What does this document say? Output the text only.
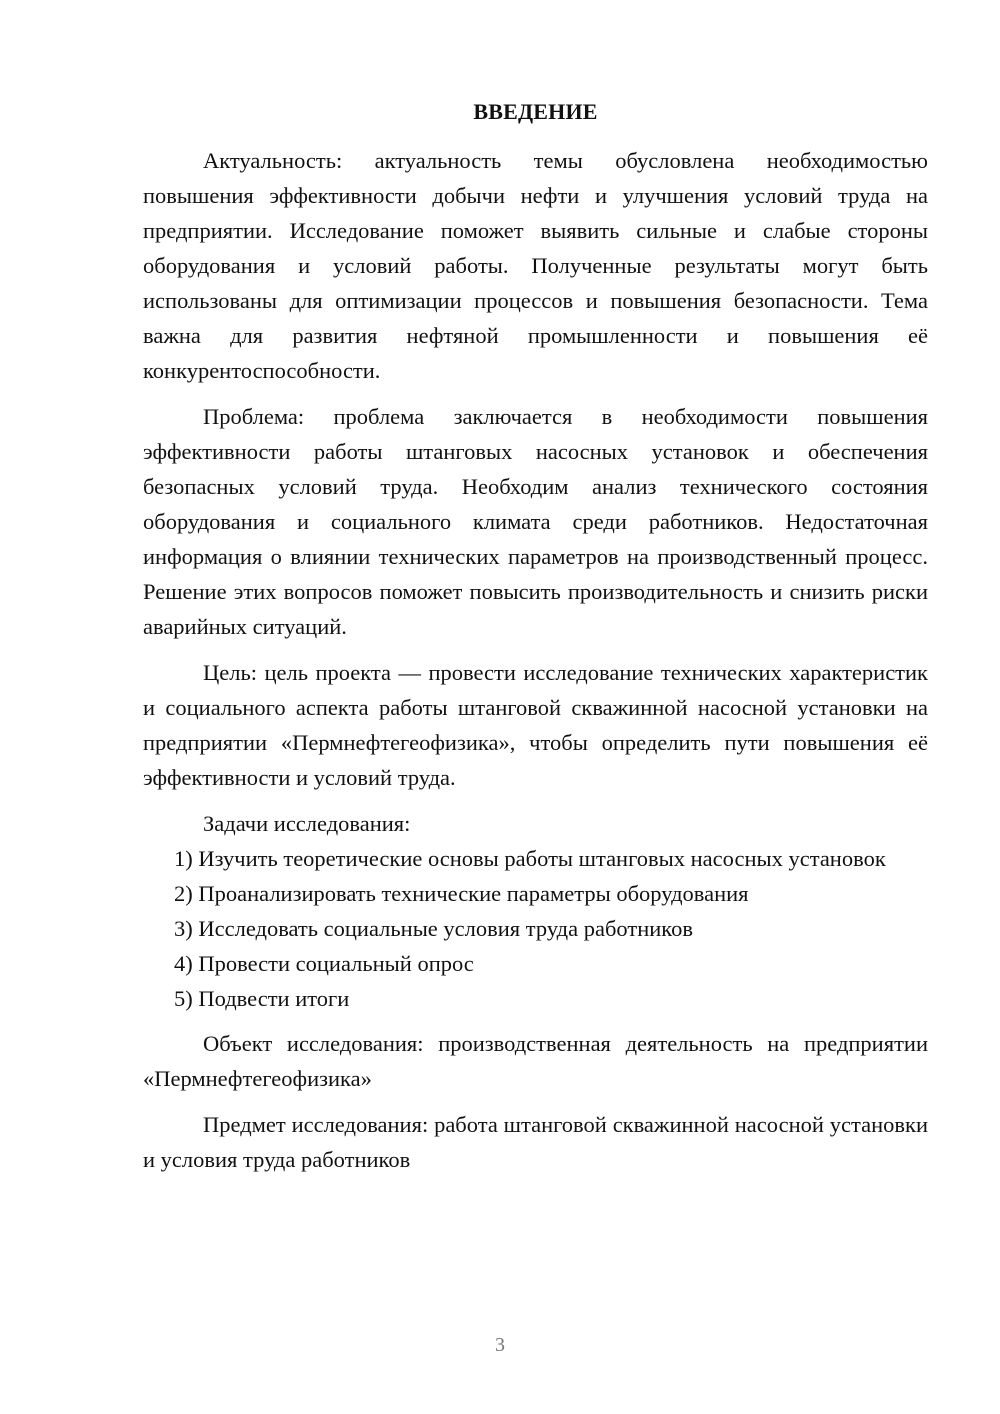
ВВЕДЕНИЕ

Актуальность: актуальность темы обусловлена необходимостью повышения эффективности добычи нефти и улучшения условий труда на предприятии. Исследование поможет выявить сильные и слабые стороны оборудования и условий работы. Полученные результаты могут быть использованы для оптимизации процессов и повышения безопасности. Тема важна для развития нефтяной промышленности и повышения её конкурентоспособности.

Проблема: проблема заключается в необходимости повышения эффективности работы штанговых насосных установок и обеспечения безопасных условий труда. Необходим анализ технического состояния оборудования и социального климата среди работников. Недостаточная информация о влиянии технических параметров на производственный процесс. Решение этих вопросов поможет повысить производительность и снизить риски аварийных ситуаций.

Цель: цель проекта — провести исследование технических характеристик и социального аспекта работы штанговой скважинной насосной установки на предприятии «Пермнефтегеофизика», чтобы определить пути повышения её эффективности и условий труда.

Задачи исследования:

1) Изучить теоретические основы работы штанговых насосных установок

2) Проанализировать технические параметры оборудования

3) Исследовать социальные условия труда работников

4) Провести социальный опрос

5) Подвести итоги

Объект исследования: производственная деятельность на предприятии «Пермнефтегеофизика»

Предмет исследования: работа штанговой скважинной насосной установки и условия труда работников

3
